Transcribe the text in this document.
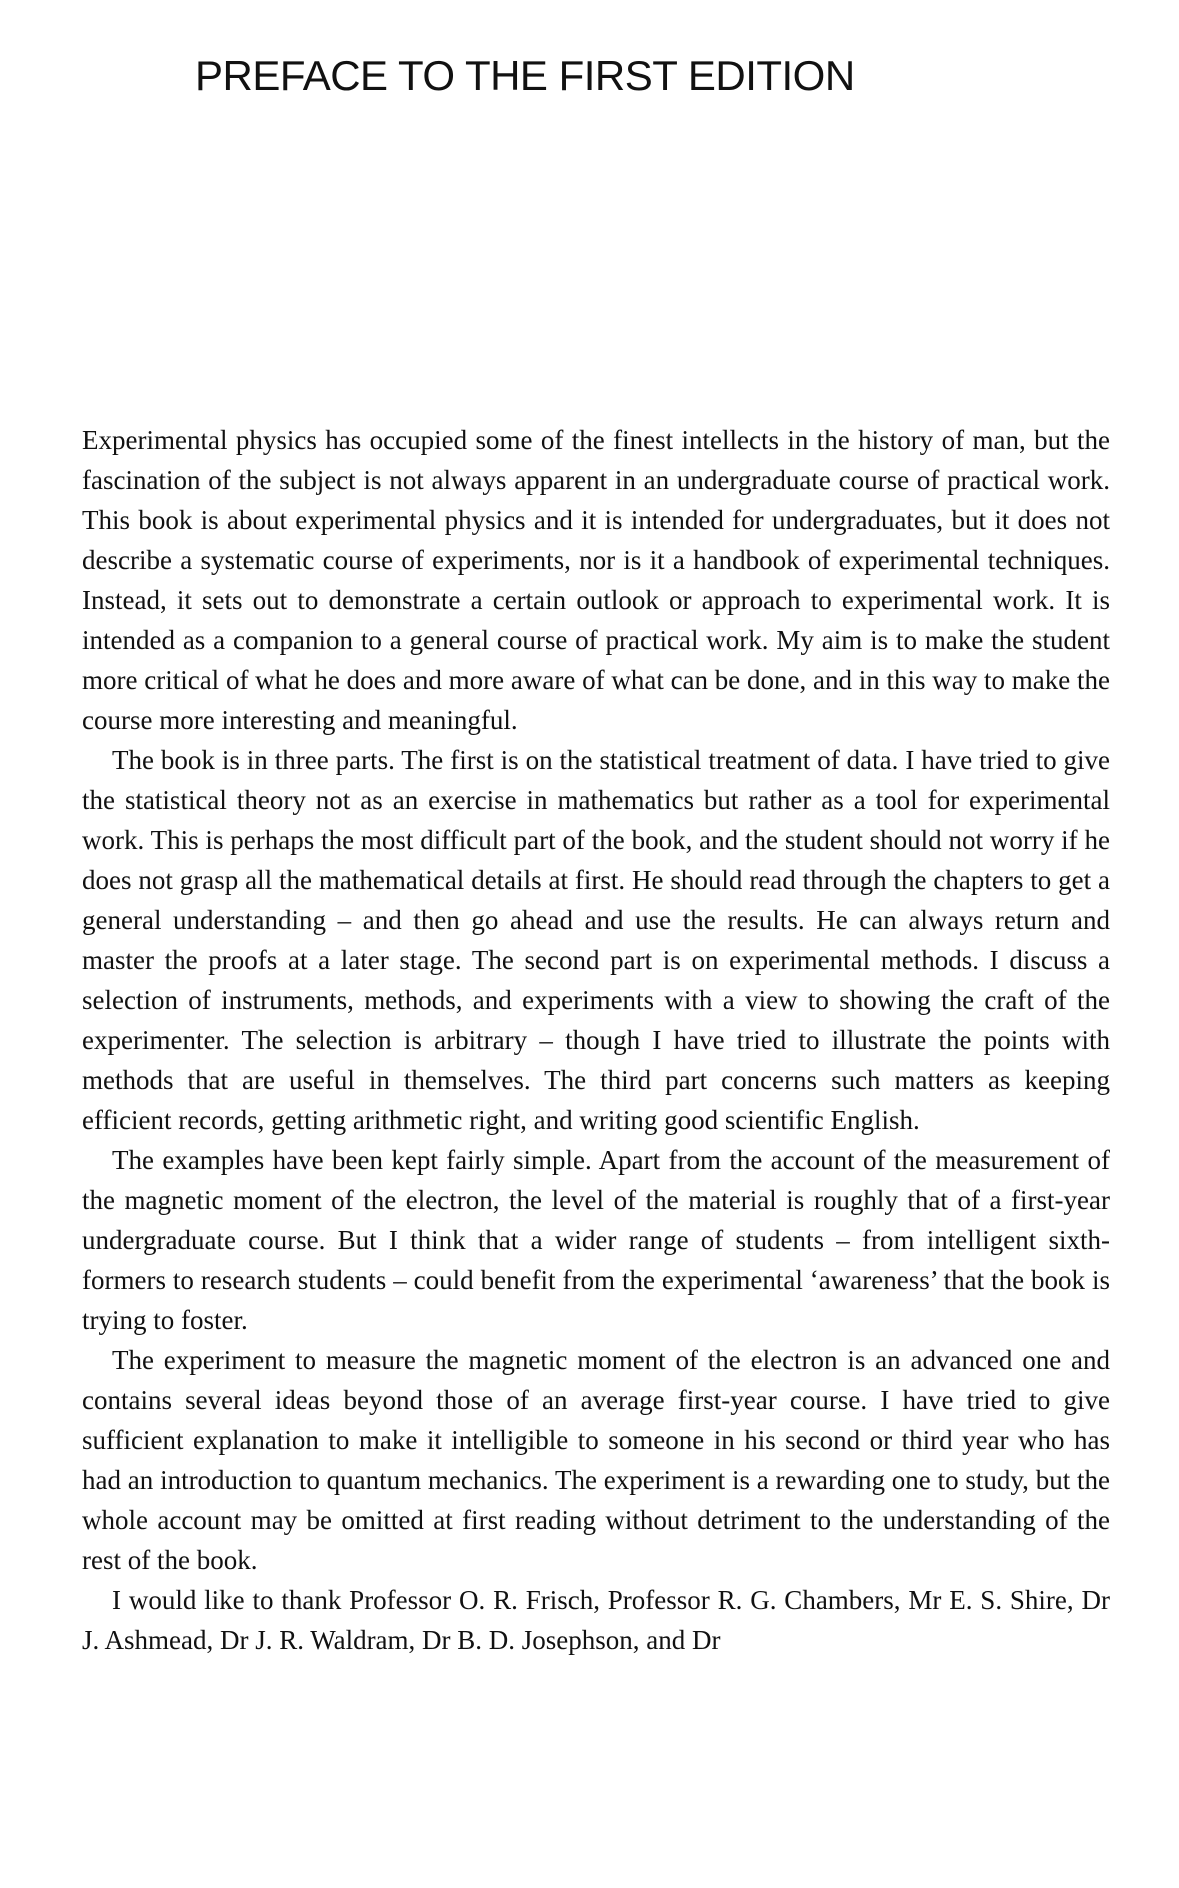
PREFACE TO THE FIRST EDITION

Experimental physics has occupied some of the finest intellects in the history of man, but the fascination of the subject is not always apparent in an undergraduate course of practical work. This book is about experimental physics and it is intended for undergraduates, but it does not describe a systematic course of experiments, nor is it a handbook of experimental techniques. Instead, it sets out to demonstrate a certain outlook or approach to experimental work. It is intended as a companion to a general course of practical work. My aim is to make the student more critical of what he does and more aware of what can be done, and in this way to make the course more interesting and meaningful.

The book is in three parts. The first is on the statistical treatment of data. I have tried to give the statistical theory not as an exercise in mathematics but rather as a tool for experimental work. This is perhaps the most difficult part of the book, and the student should not worry if he does not grasp all the mathematical details at first. He should read through the chapters to get a general understanding – and then go ahead and use the results. He can always return and master the proofs at a later stage. The second part is on experimental methods. I discuss a selection of instruments, methods, and experiments with a view to showing the craft of the experimenter. The selection is arbitrary – though I have tried to illustrate the points with methods that are useful in themselves. The third part concerns such matters as keeping efficient records, getting arithmetic right, and writing good scientific English.

The examples have been kept fairly simple. Apart from the account of the measurement of the magnetic moment of the electron, the level of the material is roughly that of a first-year undergraduate course. But I think that a wider range of students – from intelligent sixth-formers to research students – could benefit from the experimental ‘awareness’ that the book is trying to foster.

The experiment to measure the magnetic moment of the electron is an advanced one and contains several ideas beyond those of an average first-year course. I have tried to give sufficient explanation to make it intelligible to someone in his second or third year who has had an introduction to quantum mechanics. The experiment is a rewarding one to study, but the whole account may be omitted at first reading without detriment to the understanding of the rest of the book.

I would like to thank Professor O. R. Frisch, Professor R. G. Chambers, Mr E. S. Shire, Dr J. Ashmead, Dr J. R. Waldram, Dr B. D. Josephson, and Dr
